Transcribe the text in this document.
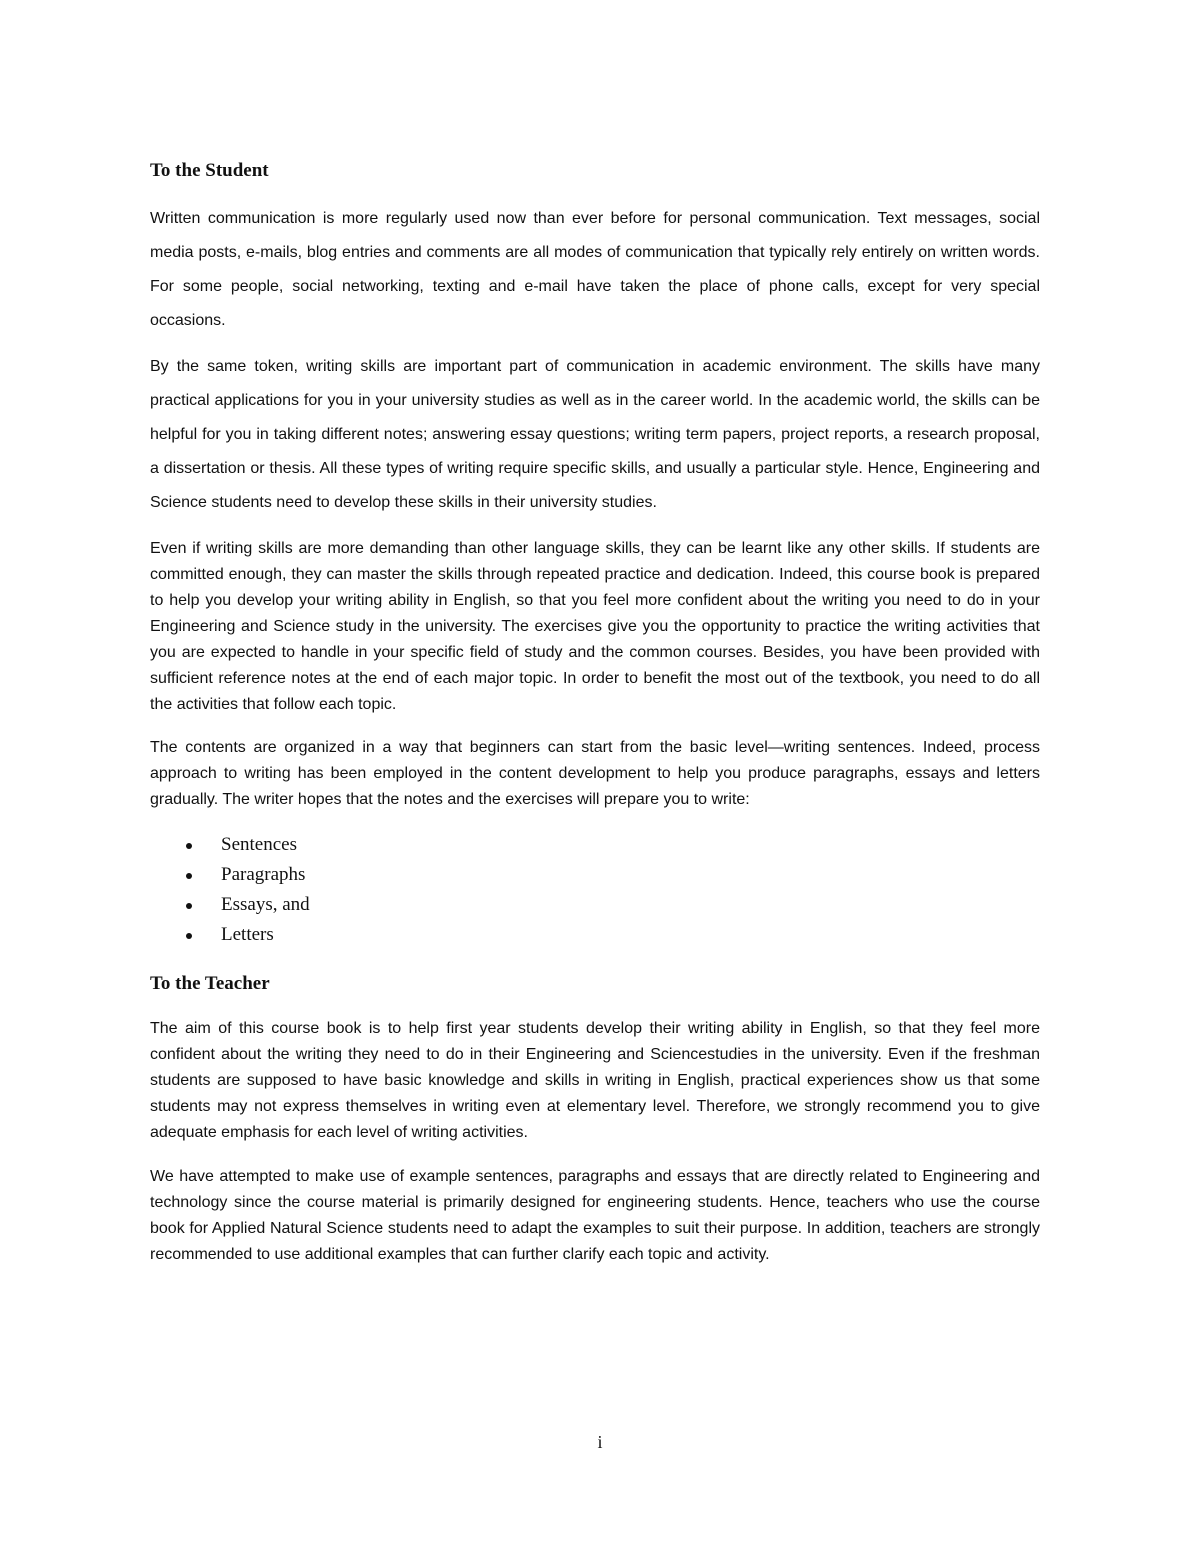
To the Student

Written communication is more regularly used now than ever before for personal communication. Text messages, social media posts, e-mails, blog entries and comments are all modes of communication that typically rely entirely on written words. For some people, social networking, texting and e-mail have taken the place of phone calls, except for very special occasions.

By the same token, writing skills are important part of communication in academic environment. The skills have many practical applications for you in your university studies as well as in the career world. In the academic world, the skills can be helpful for you in taking different notes; answering essay questions; writing term papers, project reports, a research proposal, a dissertation or thesis. All these types of writing require specific skills, and usually a particular style. Hence, Engineering and Science students need to develop these skills in their university studies.

Even if writing skills are more demanding than other language skills, they can be learnt like any other skills. If students are committed enough, they can master the skills through repeated practice and dedication. Indeed, this course book is prepared to help you develop your writing ability in English, so that you feel more confident about the writing you need to do in your Engineering and Science study in the university. The exercises give you the opportunity to practice the writing activities that you are expected to handle in your specific field of study and the common courses. Besides, you have been provided with sufficient reference notes at the end of each major topic. In order to benefit the most out of the textbook, you need to do all the activities that follow each topic.

The contents are organized in a way that beginners can start from the basic level—writing sentences. Indeed, process approach to writing has been employed in the content development to help you produce paragraphs, essays and letters gradually. The writer hopes that the notes and the exercises will prepare you to write:

Sentences
Paragraphs
Essays, and
Letters
To the Teacher

The aim of this course book is to help first year students develop their writing ability in English, so that they feel more confident about the writing they need to do in their Engineering and Sciencestudies in the university. Even if the freshman students are supposed to have basic knowledge and skills in writing in English, practical experiences show us that some students may not express themselves in writing even at elementary level. Therefore, we strongly recommend you to give adequate emphasis for each level of writing activities.

We have attempted to make use of example sentences, paragraphs and essays that are directly related to Engineering and technology since the course material is primarily designed for engineering students. Hence, teachers who use the course book for Applied Natural Science students need to adapt the examples to suit their purpose. In addition, teachers are strongly recommended to use additional examples that can further clarify each topic and activity.

i
